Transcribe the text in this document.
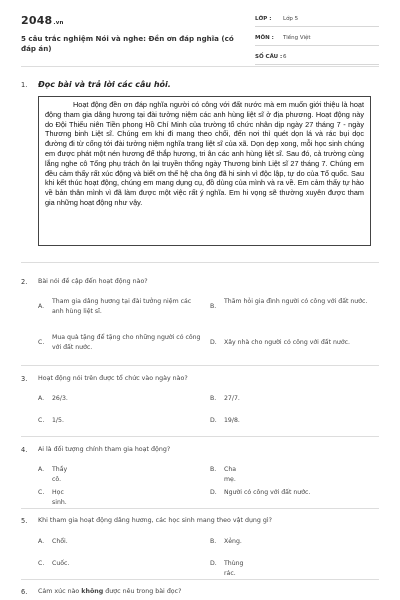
2048.vn
5 câu trắc nghiệm Nói và nghe: Đền ơn đáp nghĩa (có đáp án)
LỚP : Lớp 5
MÔN : Tiếng Việt
SỐ CÂU : 6
1. Đọc bài và trả lời các câu hỏi.
Hoạt động đền ơn đáp nghĩa người có công với đất nước mà em muốn giới thiệu là hoạt động tham gia dâng hương tại đài tưởng niệm các anh hùng liệt sĩ ở địa phương. Hoạt động này do Đội Thiếu niên Tiền phong Hồ Chí Minh của trường tổ chức nhân dịp ngày 27 tháng 7 - ngày Thương binh Liệt sĩ. Chúng em khi đi mang theo chổi, đến nơi thì quét dọn lá và rác bụi dọc đường đi từ cổng tới đài tưởng niệm nghĩa trang liệt sĩ của xã. Dọn dẹp xong, mỗi học sinh chúng em được phát một nén hương để thắp hương, tri ân các anh hùng liệt sĩ. Sau đó, cả trường cùng lắng nghe cô Tổng phụ trách ôn lại truyền thống ngày Thương binh Liệt sĩ 27 tháng 7. Chúng em đều cảm thấy rất xúc động và biết ơn thế hệ cha ông đã hi sinh vì độc lập, tự do của Tổ quốc. Sau khi kết thúc hoạt động, chúng em mang dụng cụ, đồ dùng của mình và ra về. Em cảm thấy tự hào về bản thân mình vì đã làm được một việc rất ý nghĩa. Em hi vọng sẽ thường xuyên được tham gia những hoạt động như vậy.
2. Bài nói đề cập đến hoạt động nào?
A.
Tham gia dâng hương tại đài tưởng niệm các anh hùng liệt sĩ.
B.
Thăm hỏi gia đình người có công với đất nước.
C.
Mua quà tặng để tặng cho những người có công với đất nước.
D. Xây nhà cho người có công với đất nước.
3. Hoạt động nói trên được tổ chức vào ngày nào?
A. 26/3.	B. 27/7.
C. 1/5.	D. 19/8.
4. Ai là đối tượng chính tham gia hoạt động?
A. Thầy cô.
B. Cha mẹ.
C. Học sinh.
D. Người có công với đất nước.
5. Khi tham gia hoạt động dâng hương, các học sinh mang theo vật dụng gì?
A. Chổi.	B. Xẻng.
C. Cuốc.	D. Thùng rác.
6. Cảm xúc nào không được nêu trong bài đọc?
